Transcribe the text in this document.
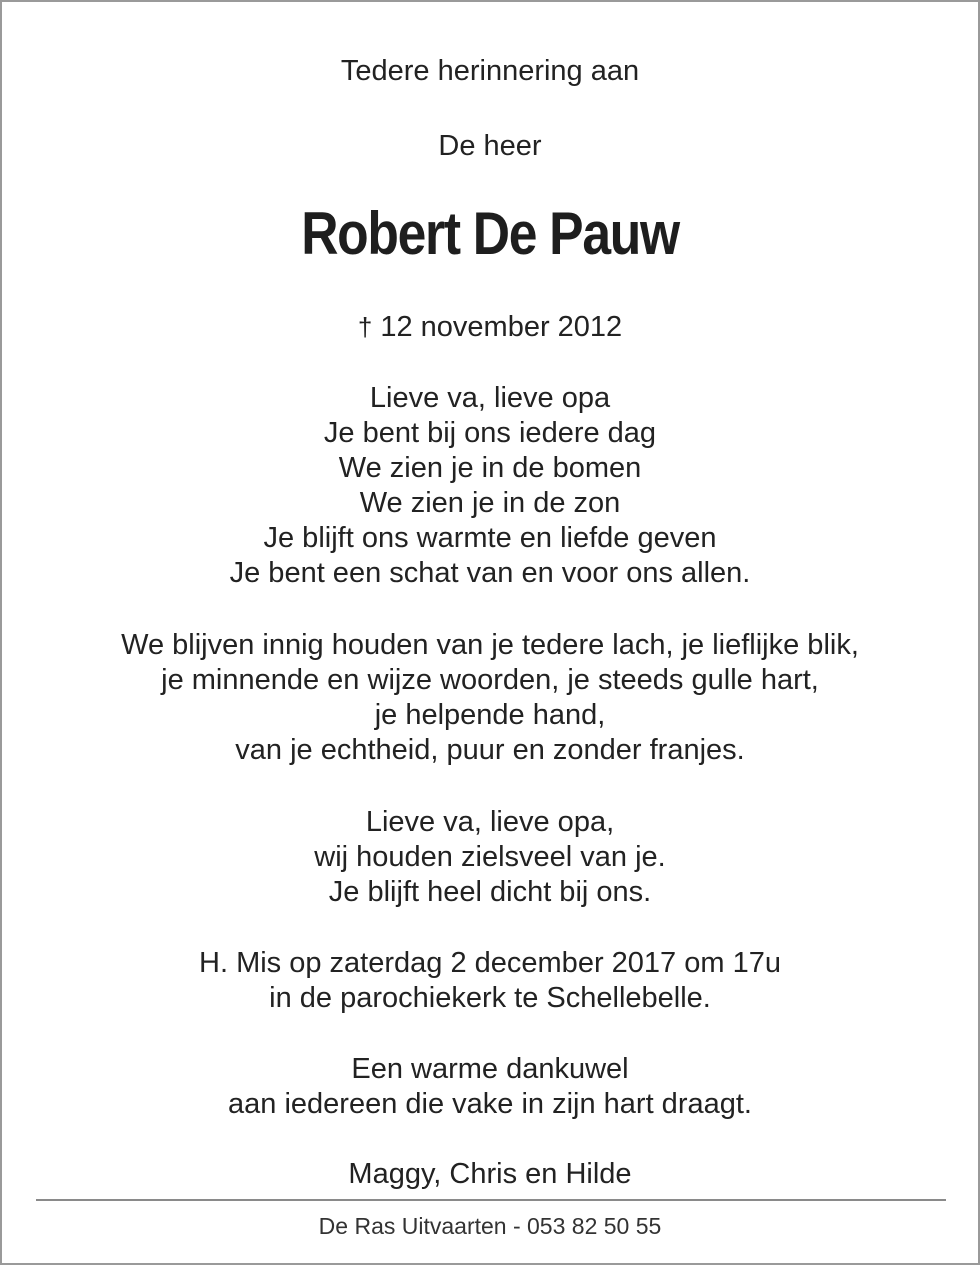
Tedere herinnering aan
De heer
Robert De Pauw
† 12 november 2012
Lieve va, lieve opa
Je bent bij ons iedere dag
We zien je in de bomen
We zien je in de zon
Je blijft ons warmte en liefde geven
Je bent een schat van en voor ons allen.
We blijven innig houden van je tedere lach, je lieflijke blik,
je minnende en wijze woorden, je steeds gulle hart,
je helpende hand,
van je echtheid, puur en zonder franjes.
Lieve va, lieve opa,
wij houden zielsveel van je.
Je blijft heel dicht bij ons.
H. Mis op zaterdag 2 december 2017 om 17u
in de parochiekerk te Schellebelle.
Een warme dankuwel
aan iedereen die vake in zijn hart draagt.
Maggy, Chris en Hilde
De Ras Uitvaarten - 053 82 50 55
